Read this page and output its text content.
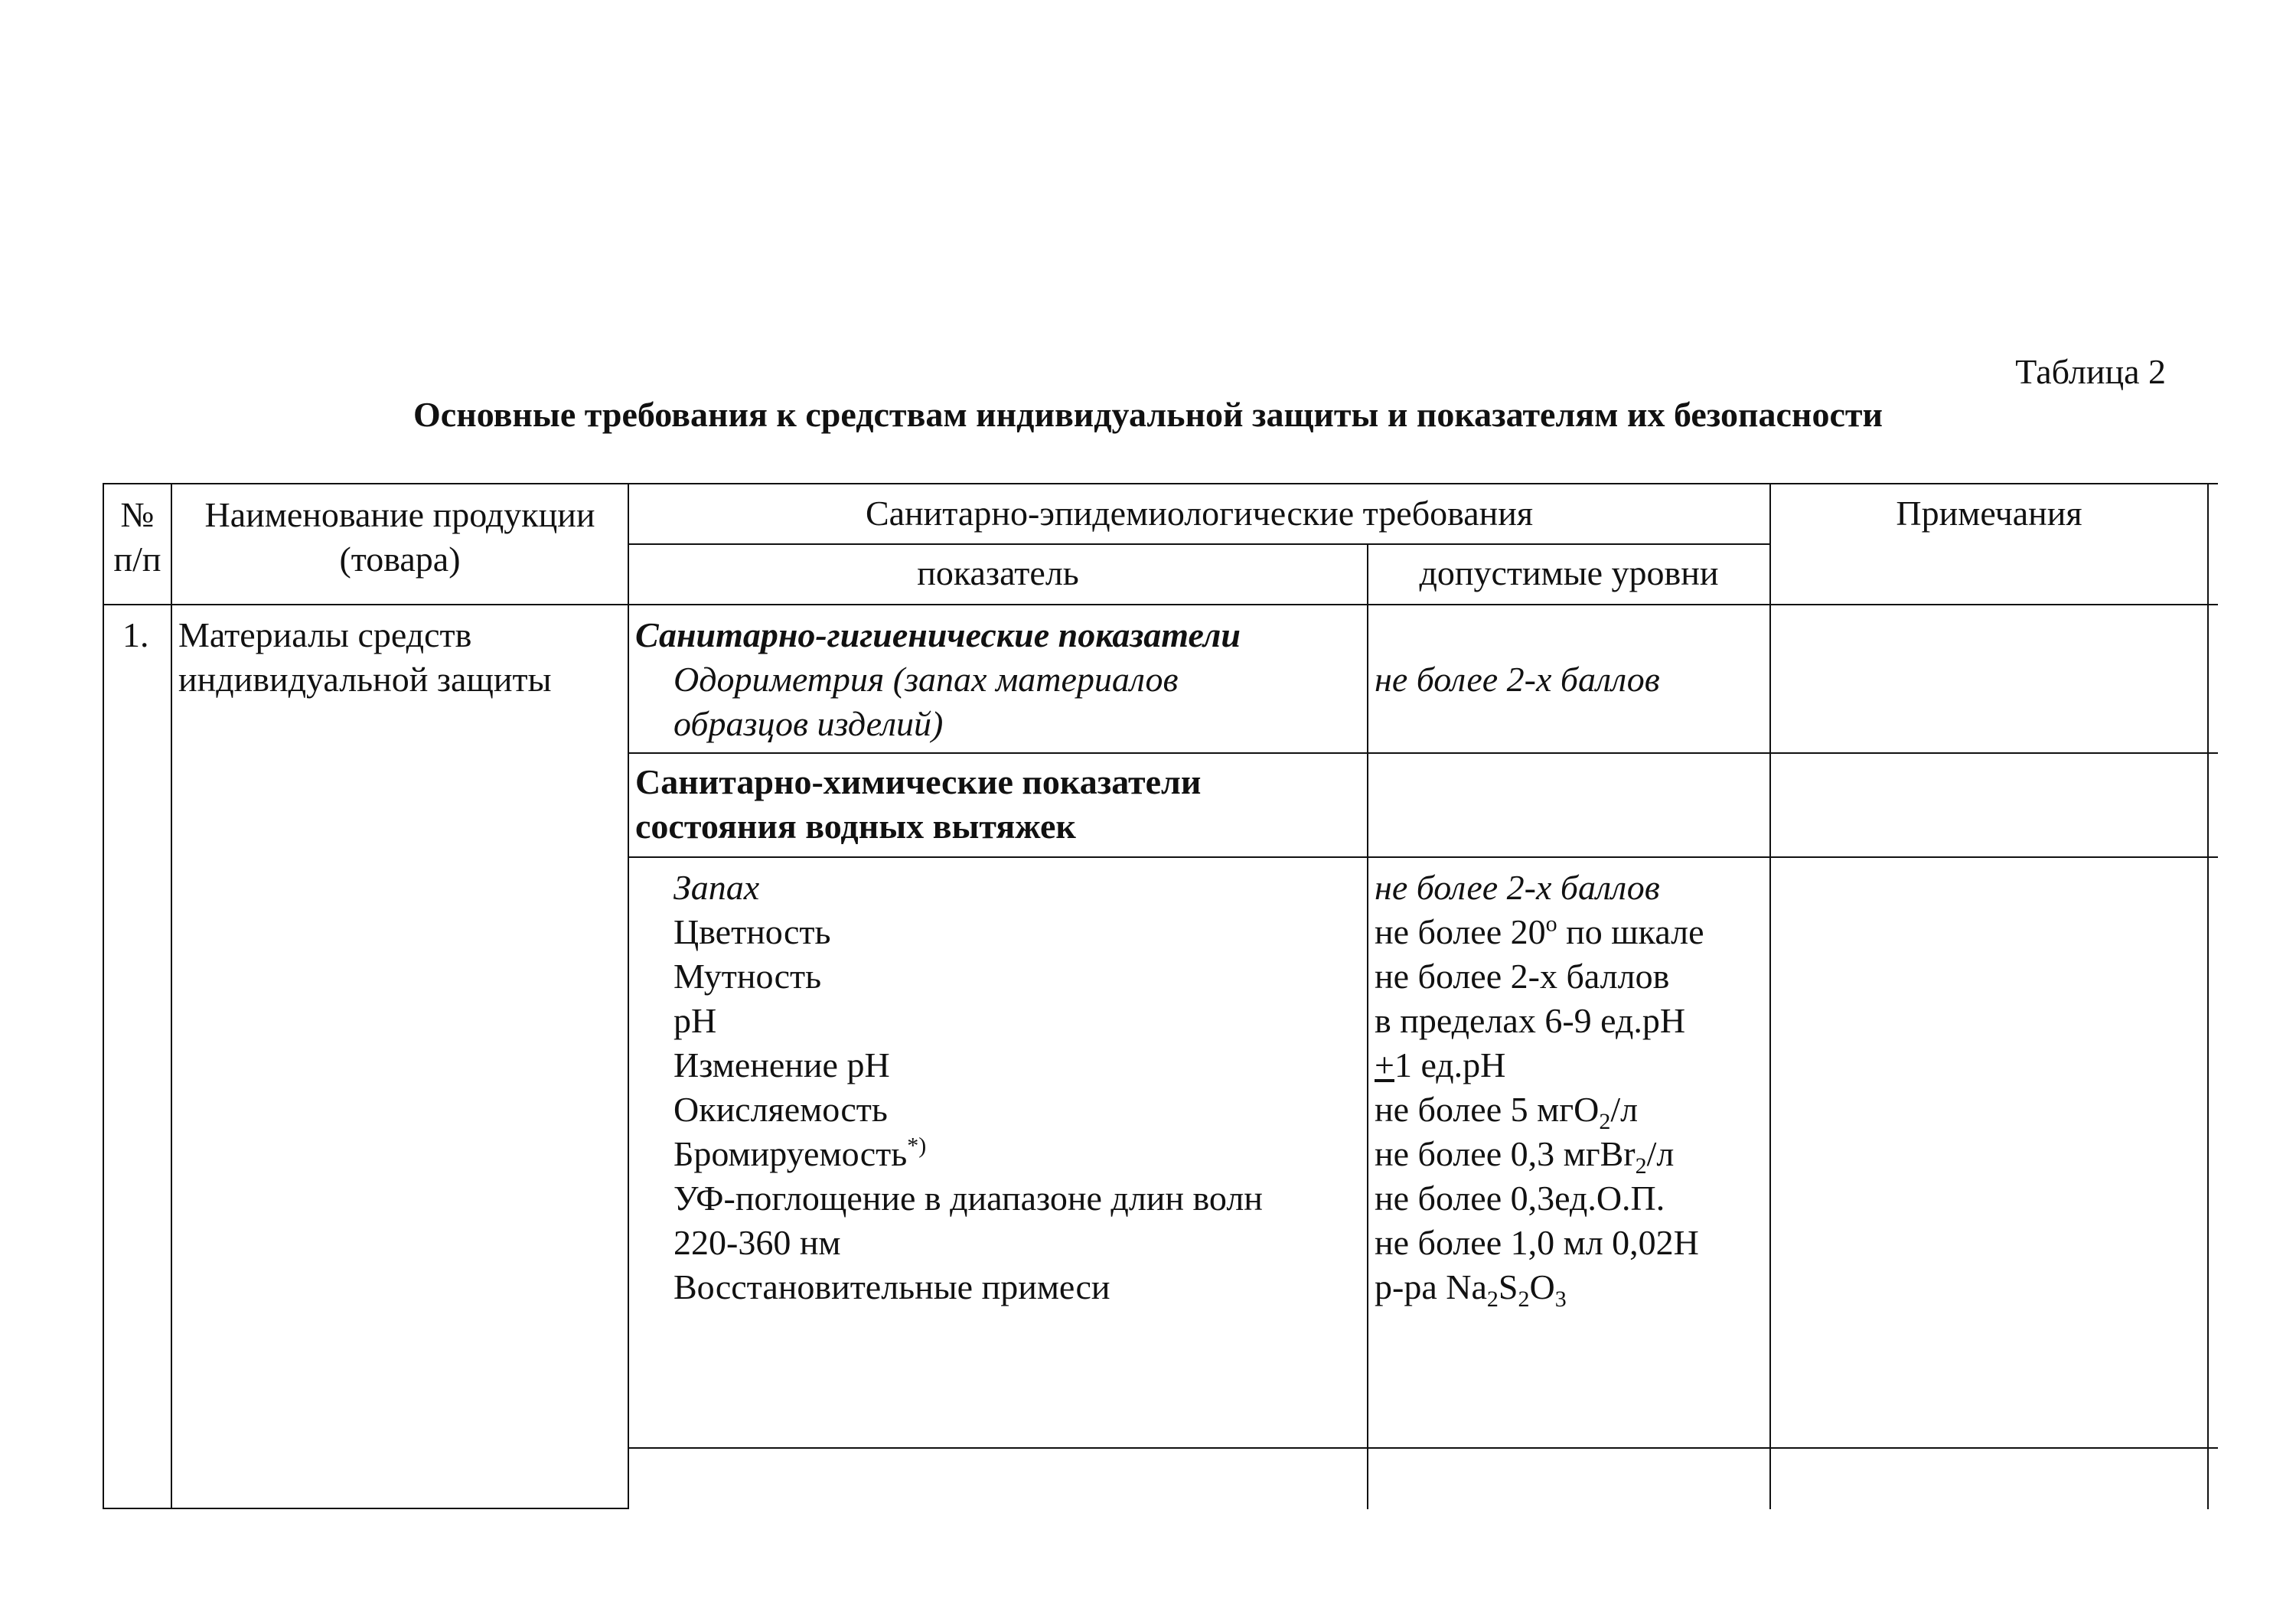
Таблица 2
Основные требования к средствам индивидуальной защиты и показателям их безопасности
№
п/п
Наименование продукции
(товара)
Санитарно-эпидемиологические требования	Примечания
показатель	допустимые уровни
1. Материалы средств
индивидуальной защиты
Санитарно-гигиенические показатели
Одориметрия (запах материалов
образцов изделий)
не более 2-х баллов
Санитарно-химические показатели
состояния водных вытяжек
Запах
Цветность
Мутность
pH
Изменение pH
Окисляемость
Бромируемость*)
УФ-поглощение в диапазоне длин волн
220-360 нм
Восстановительные примеси
не более 2-х баллов
не более $20^о$ по шкале
не более 2-х баллов
в пределах 6-9 ед.pH
+1 ед.pH
не более 5 мгO$_2$/л
не более 0,3 мгBr$_2$/л
не более 0,3ед.О.П.
не более 1,0 мл 0,02Н
р-ра $Na_2S_2O_3$
